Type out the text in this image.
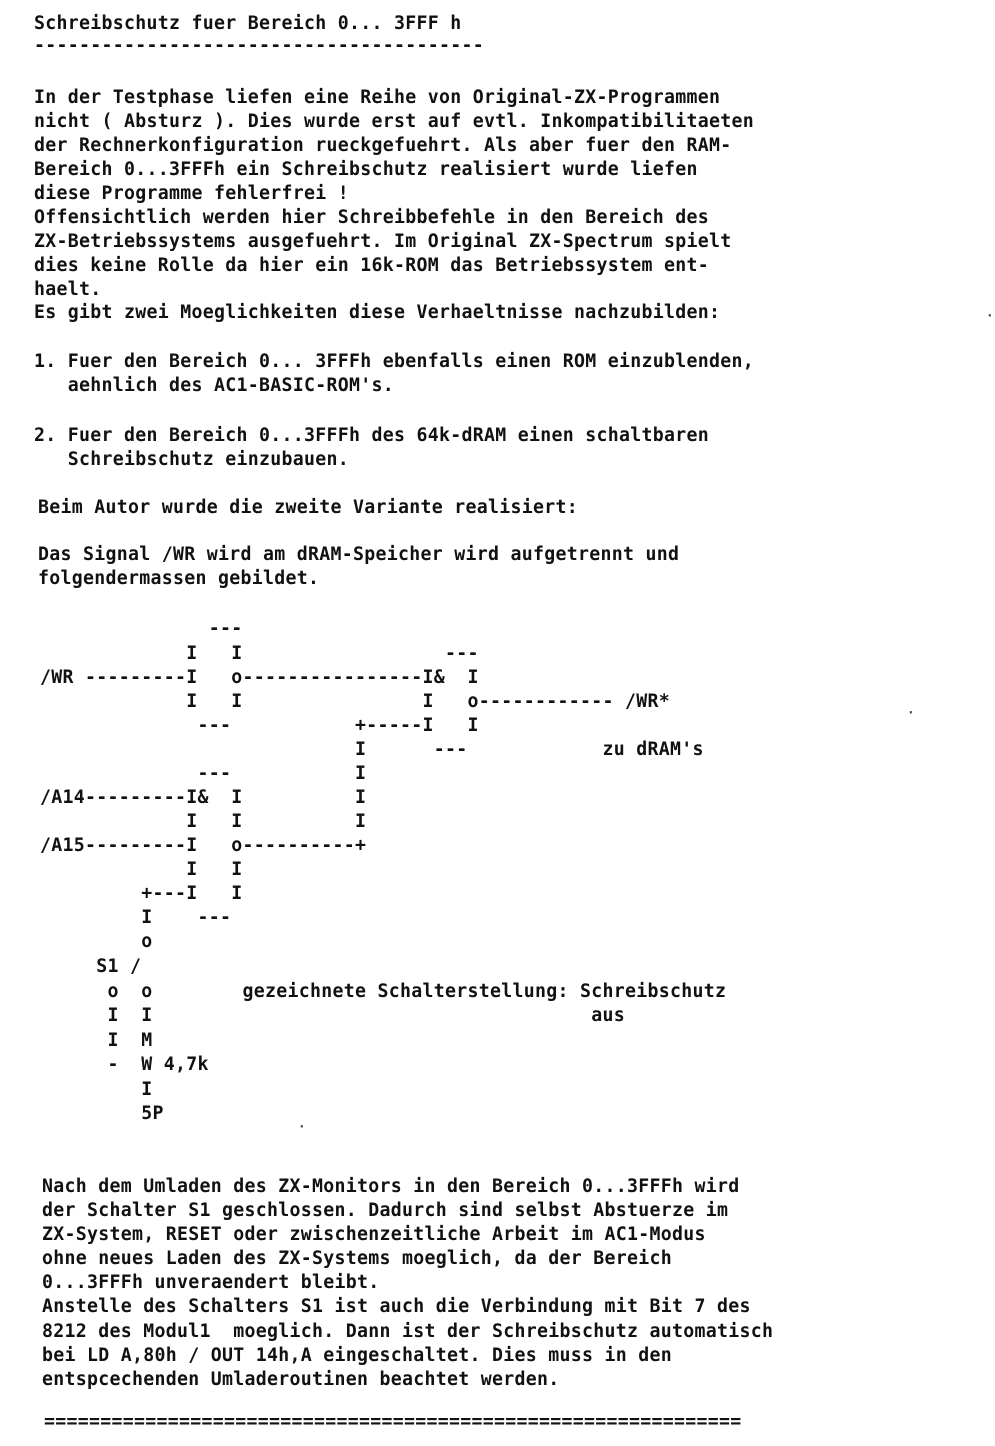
Schreibschutz fuer Bereich 0... 3FFF h
----------------------------------------
In der Testphase liefen eine Reihe von Original-ZX-Programmen
nicht ( Absturz ). Dies wurde erst auf evtl. Inkompatibilitaeten
der Rechnerkonfiguration rueckgefuehrt. Als aber fuer den RAM-
Bereich 0...3FFFh ein Schreibschutz realisiert wurde liefen
diese Programme fehlerfrei !
Offensichtlich werden hier Schreibbefehle in den Bereich des
ZX-Betriebssystems ausgefuehrt. Im Original ZX-Spectrum spielt
dies keine Rolle da hier ein 16k-ROM das Betriebssystem ent-
haelt.
Es gibt zwei Moeglichkeiten diese Verhaeltnisse nachzubilden:
1. Fuer den Bereich 0... 3FFFh ebenfalls einen ROM einzublenden,
aehnlich des AC1-BASIC-ROM's.
2. Fuer den Bereich 0...3FFFh des 64k-dRAM einen schaltbaren
Schreibschutz einzubauen.
Beim Autor wurde die zweite Variante realisiert:
Das Signal /WR wird am dRAM-Speicher wird aufgetrennt und
folgendermassen gebildet.
---
I   I                  ---
/WR ---------I   o----------------I&  I
I   I                I   o------------ /WR*
---           +-----I   I
I      ---            zu dRAM's
---           I
/A14---------I&  I          I
I   I          I
/A15---------I   o----------+
I   I
+---I   I
I    ---
o
S1 /
o  o        gezeichnete Schalterstellung: Schreibschutz
I  I                                       aus
I  M
-  W 4,7k
I
5P
Nach dem Umladen des ZX-Monitors in den Bereich 0...3FFFh wird
der Schalter S1 geschlossen. Dadurch sind selbst Abstuerze im
ZX-System, RESET oder zwischenzeitliche Arbeit im AC1-Modus
ohne neues Laden des ZX-Systems moeglich, da der Bereich
0...3FFFh unveraendert bleibt.
Anstelle des Schalters S1 ist auch die Verbindung mit Bit 7 des
8212 des Modul1  moeglich. Dann ist der Schreibschutz automatisch
bei LD A,80h / OUT 14h,A eingeschaltet. Dies muss in den
entspcechenden Umladeroutinen beachtet werden.
==============================================================
·
·
·
